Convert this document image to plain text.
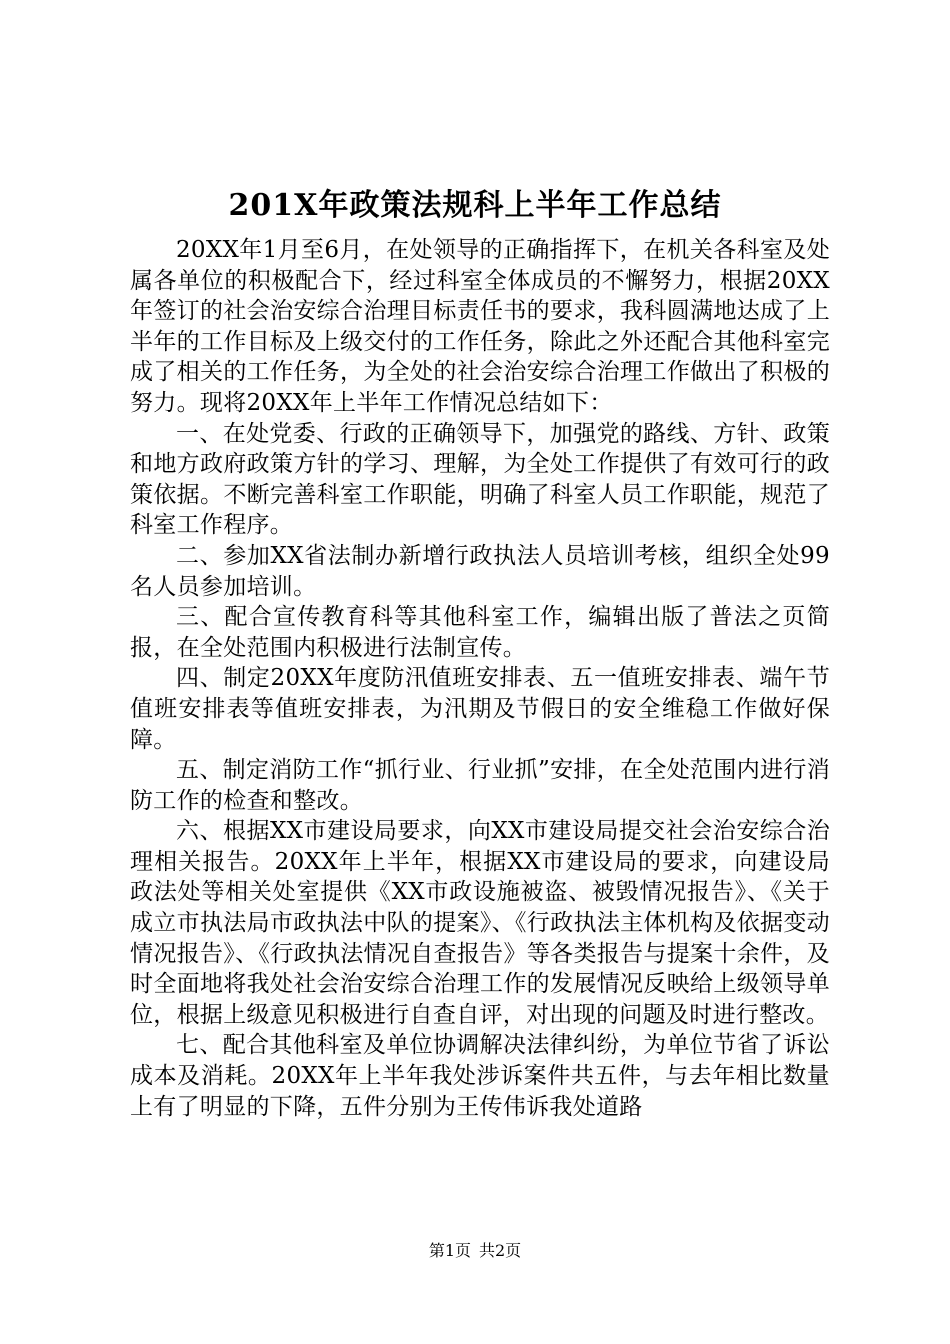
201X年政策法规科上半年工作总结

20XX年1月至6月，在处领导的正确指挥下，在机关各科室及处属各单位的积极配合下，经过科室全体成员的不懈努力，根据20XX年签订的社会治安综合治理目标责任书的要求，我科圆满地达成了上半年的工作目标及上级交付的工作任务，除此之外还配合其他科室完成了相关的工作任务，为全处的社会治安综合治理工作做出了积极的努力。现将20XX年上半年工作情况总结如下：

一、在处党委、行政的正确领导下，加强党的路线、方针、政策和地方政府政策方针的学习、理解，为全处工作提供了有效可行的政策依据。不断完善科室工作职能，明确了科室人员工作职能，规范了科室工作程序。

二、参加XX省法制办新增行政执法人员培训考核，组织全处99名人员参加培训。

三、配合宣传教育科等其他科室工作，编辑出版了普法之页简报，在全处范围内积极进行法制宣传。

四、制定20XX年度防汛值班安排表、五一值班安排表、端午节值班安排表等值班安排表，为汛期及节假日的安全维稳工作做好保障。

五、制定消防工作“抓行业、行业抓”安排，在全处范围内进行消防工作的检查和整改。

六、根据XX市建设局要求，向XX市建设局提交社会治安综合治理相关报告。20XX年上半年，根据XX市建设局的要求，向建设局政法处等相关处室提供《XX市政设施被盗、被毁情况报告》、《关于成立市执法局市政执法中队的提案》、《行政执法主体机构及依据变动情况报告》、《行政执法情况自查报告》等各类报告与提案十余件，及时全面地将我处社会治安综合治理工作的发展情况反映给上级领导单位，根据上级意见积极进行自查自评，对出现的问题及时进行整改。

七、配合其他科室及单位协调解决法律纠纷，为单位节省了诉讼成本及消耗。20XX年上半年我处涉诉案件共五件，与去年相比数量上有了明显的下降，五件分别为王传伟诉我处道路

第1页 共2页
